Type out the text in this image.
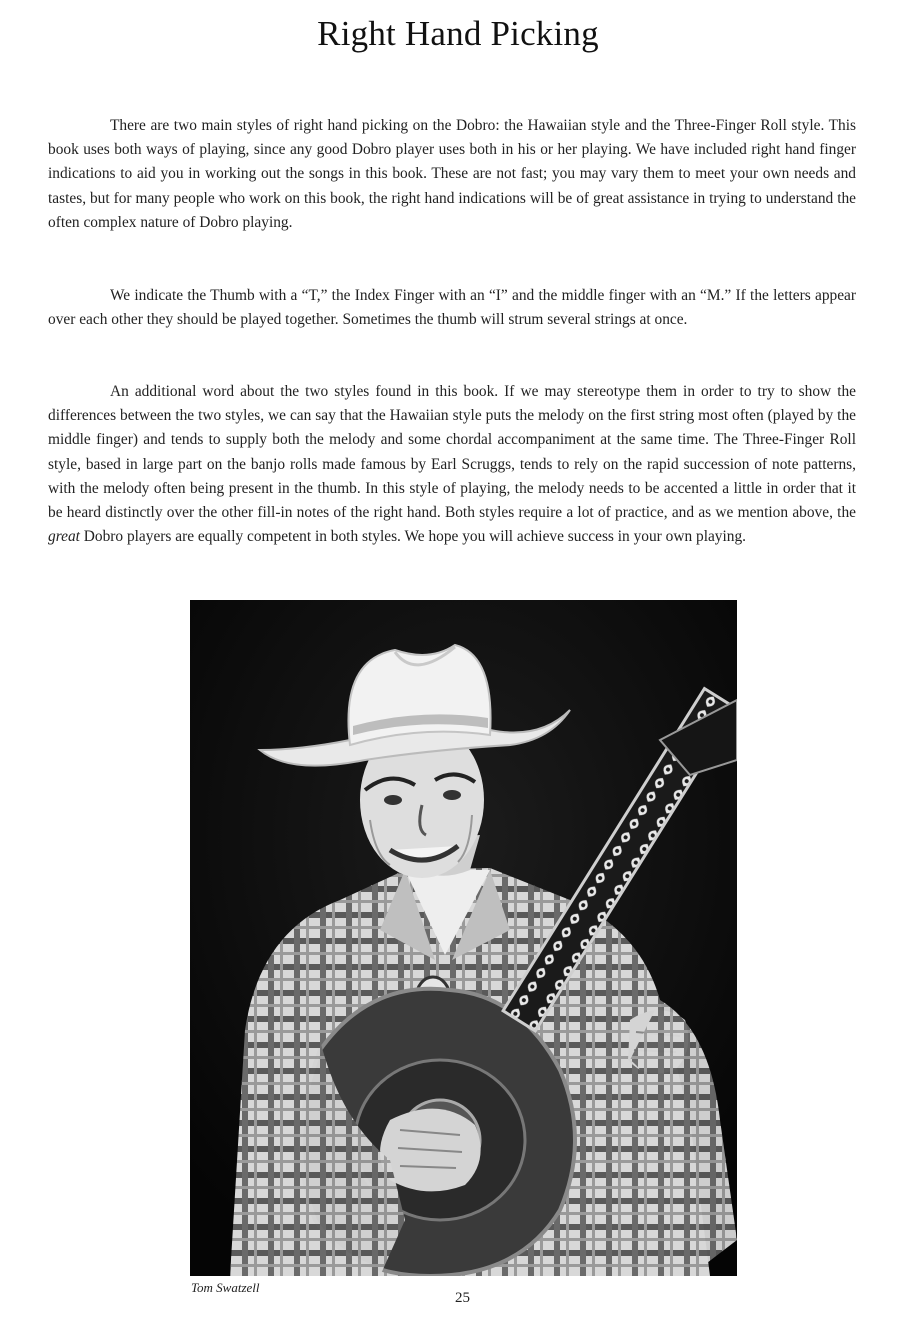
Right Hand Picking

There are two main styles of right hand picking on the Dobro: the Hawaiian style and the Three-Finger Roll style. This book uses both ways of playing, since any good Dobro player uses both in his or her playing. We have included right hand finger indications to aid you in working out the songs in this book. These are not fast; you may vary them to meet your own needs and tastes, but for many people who work on this book, the right hand indications will be of great assistance in trying to understand the often complex nature of Dobro playing.

We indicate the Thumb with a “T,” the Index Finger with an “I” and the middle finger with an “M.” If the letters appear over each other they should be played together. Sometimes the thumb will strum several strings at once.

An additional word about the two styles found in this book. If we may stereotype them in order to try to show the differences between the two styles, we can say that the Hawaiian style puts the melody on the first string most often (played by the middle finger) and tends to supply both the melody and some chordal accompaniment at the same time. The Three-Finger Roll style, based in large part on the banjo rolls made famous by Earl Scruggs, tends to rely on the rapid succession of note patterns, with the melody often being present in the thumb. In this style of playing, the melody needs to be accented a little in order that it be heard distinctly over the other fill-in notes of the right hand. Both styles require a lot of practice, and as we mention above, the great Dobro players are equally competent in both styles. We hope you will achieve success in your own playing.

Tom Swatzell
25
